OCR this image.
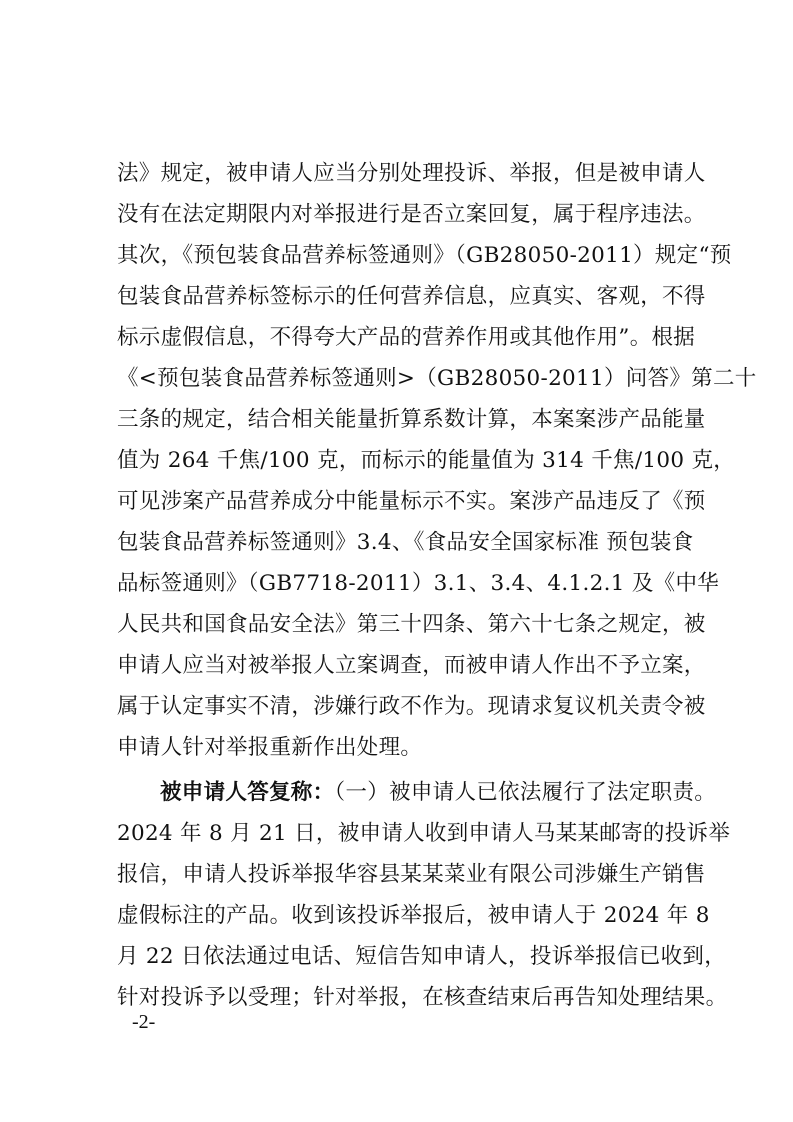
法》规定，被申请人应当分别处理投诉、举报，但是被申请人
没有在法定期限内对举报进行是否立案回复，属于程序违法。
其次，《预包装食品营养标签通则》（GB28050-2011）规定“预
包装食品营养标签标示的任何营养信息，应真实、客观，不得
标示虚假信息，不得夸大产品的营养作用或其他作用”。根据
《<预包装食品营养标签通则>（GB28050-2011）问答》第二十
三条的规定，结合相关能量折算系数计算，本案案涉产品能量
值为 264 千焦/100 克，而标示的能量值为 314 千焦/100 克，
可见涉案产品营养成分中能量标示不实。案涉产品违反了《预
包装食品营养标签通则》3.4、《食品安全国家标准 预包装食
品标签通则》（GB7718-2011）3.1、3.4、4.1.2.1 及《中华
人民共和国食品安全法》第三十四条、第六十七条之规定，被
申请人应当对被举报人立案调查，而被申请人作出不予立案，
属于认定事实不清，涉嫌行政不作为。现请求复议机关责令被
申请人针对举报重新作出处理。
被申请人答复称：（一）被申请人已依法履行了法定职责。
2024 年 8 月 21 日，被申请人收到申请人马某某邮寄的投诉举
报信，申请人投诉举报华容县某某菜业有限公司涉嫌生产销售
虚假标注的产品。收到该投诉举报后，被申请人于 2024 年 8
月 22 日依法通过电话、短信告知申请人，投诉举报信已收到，
针对投诉予以受理；针对举报，在核查结束后再告知处理结果。
-2-
